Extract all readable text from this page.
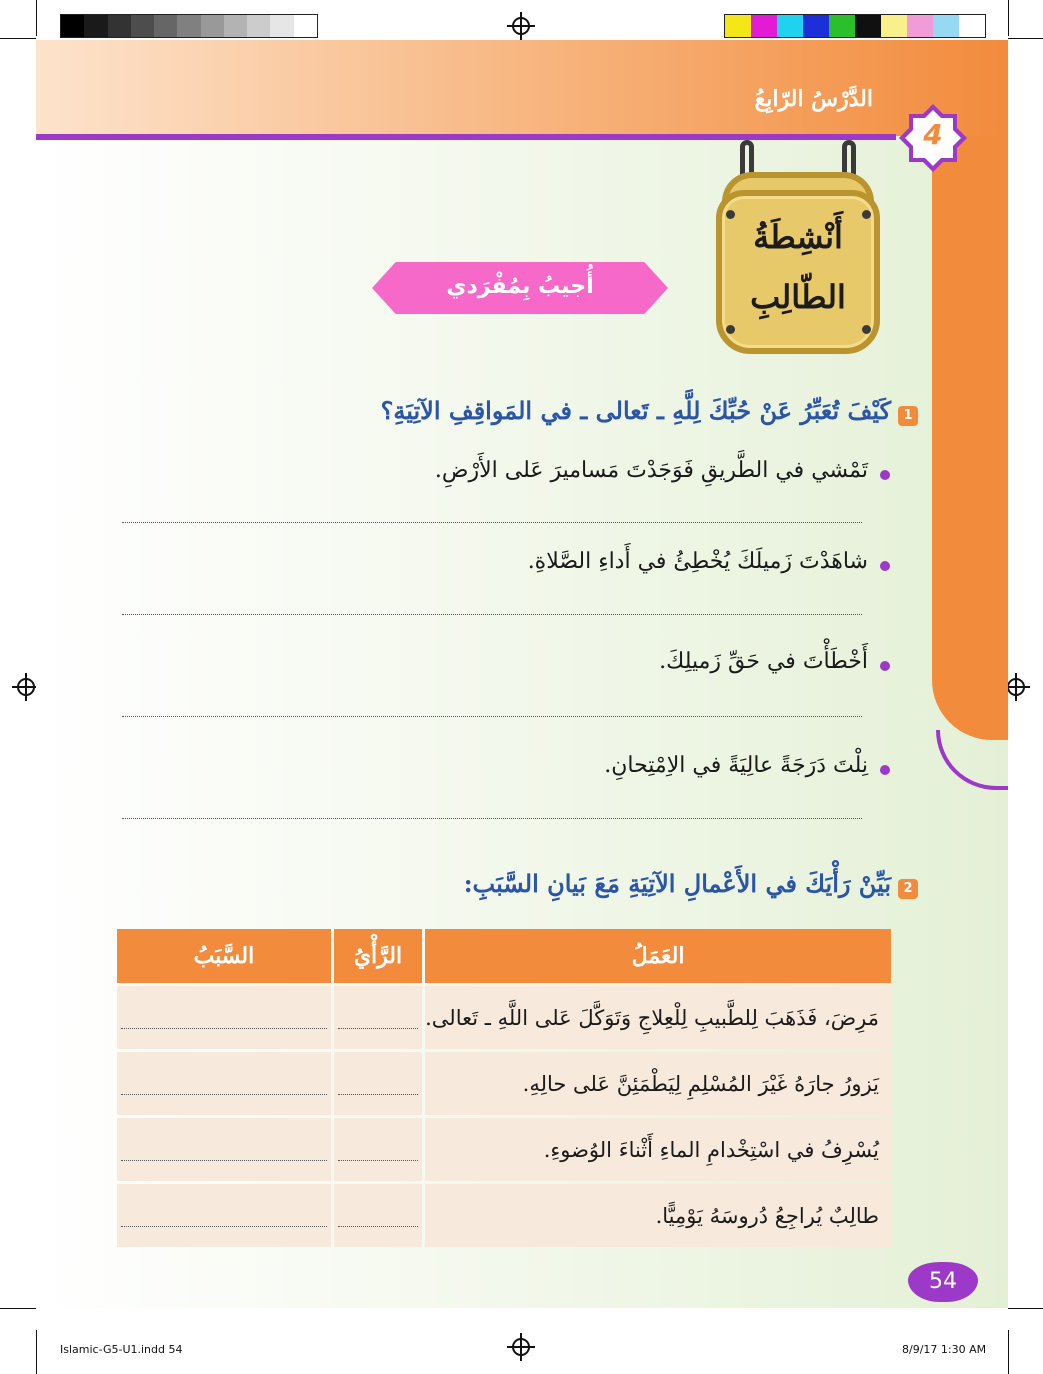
الدَّرْسُ الرّابِعُ
4
أَنْشِطَةُ
الطّالِبِ
أُجيبُ بِمُفْرَدي
1
كَيْفَ تُعَبِّرُ عَنْ حُبِّكَ لِلَّهِ ـ تَعالى ـ في المَواقِفِ الآتِيَةِ؟
تَمْشي في الطَّريقِ فَوَجَدْتَ مَساميرَ عَلى الأَرْضِ.
شاهَدْتَ زَميلَكَ يُخْطِئُ في أَداءِ الصَّلاةِ.
أَخْطَأْتَ في حَقِّ زَميلِكَ.
نِلْتَ دَرَجَةً عالِيَةً في الاِمْتِحانِ.
2
بَيِّنْ رَأْيَكَ في الأَعْمالِ الآتِيَةِ مَعَ بَيانِ السَّبَبِ:
العَمَلُ	الرَّأْيُ	السَّبَبُ
مَرِضَ، فَذَهَبَ لِلطَّبيبِ لِلْعِلاجِ وَتَوَكَّلَ عَلى اللَّهِ ـ تَعالى.	

يَزورُ جارَهُ غَيْرَ المُسْلِمِ لِيَطْمَئِنَّ عَلى حالِهِ.	

يُسْرِفُ في اسْتِخْدامِ الماءِ أَثْناءَ الوُضوءِ.	

طالِبٌ يُراجِعُ دُروسَهُ يَوْمِيًّا.	

54
Islamic-G5-U1.indd 54	8/9/17 1:30 AM
